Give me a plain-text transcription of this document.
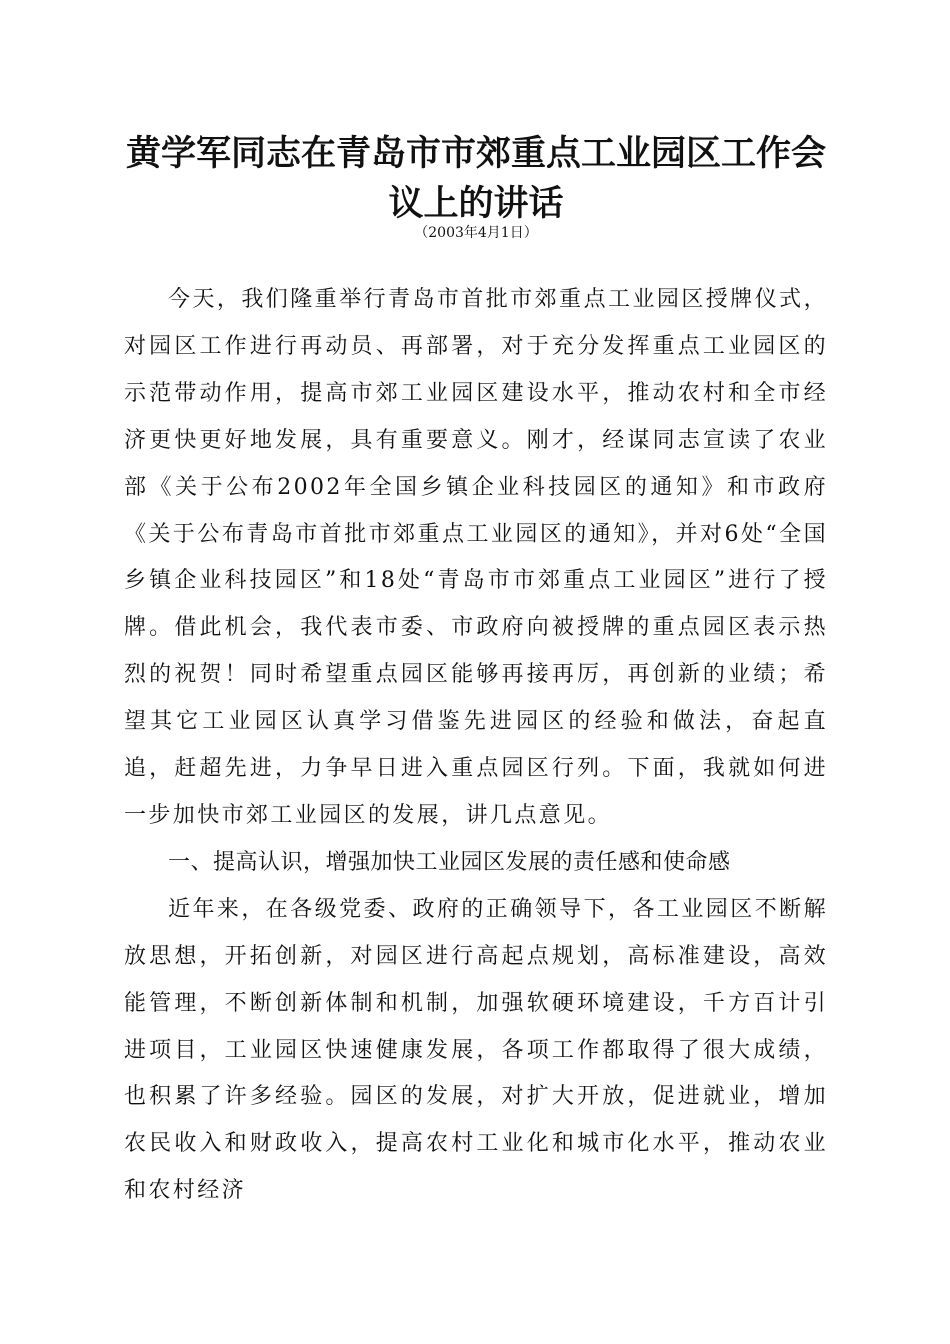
黄学军同志在青岛市市郊重点工业园区工作会
议上的讲话
（2003年4月1日）

今天，我们隆重举行青岛市首批市郊重点工业园区授牌仪式，对园区工作进行再动员、再部署，对于充分发挥重点工业园区的示范带动作用，提高市郊工业园区建设水平，推动农村和全市经济更快更好地发展，具有重要意义。刚才，经谋同志宣读了农业部《关于公布2002年全国乡镇企业科技园区的通知》和市政府《关于公布青岛市首批市郊重点工业园区的通知》，并对6处“全国乡镇企业科技园区”和18处“青岛市市郊重点工业园区”进行了授牌。借此机会，我代表市委、市政府向被授牌的重点园区表示热烈的祝贺！同时希望重点园区能够再接再厉，再创新的业绩；希望其它工业园区认真学习借鉴先进园区的经验和做法，奋起直追，赶超先进，力争早日进入重点园区行列。下面，我就如何进一步加快市郊工业园区的发展，讲几点意见。

一、提高认识，增强加快工业园区发展的责任感和使命感

近年来，在各级党委、政府的正确领导下，各工业园区不断解放思想，开拓创新，对园区进行高起点规划，高标准建设，高效能管理，不断创新体制和机制，加强软硬环境建设，千方百计引进项目，工业园区快速健康发展，各项工作都取得了很大成绩，也积累了许多经验。园区的发展，对扩大开放，促进就业，增加农民收入和财政收入，提高农村工业化和城市化水平，推动农业和农村经济
